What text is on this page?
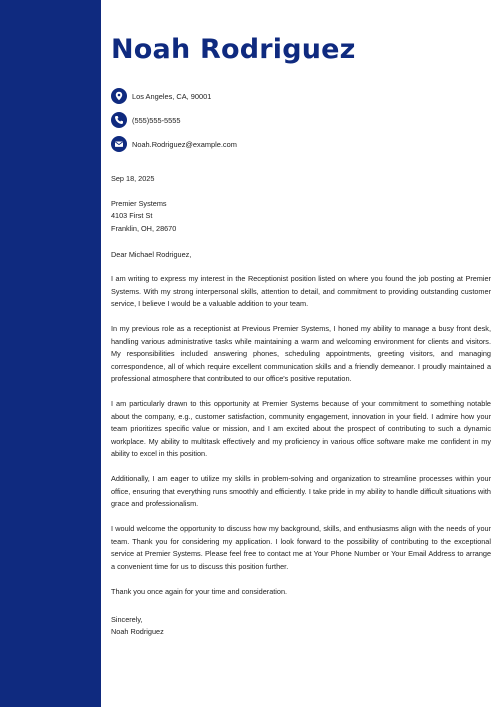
Noah Rodriguez
Los Angeles, CA, 90001
(555)555-5555
Noah.Rodriguez@example.com

Sep 18, 2025

Premier Systems
4103 First St
Franklin, OH, 28670

Dear Michael Rodriguez,

I am writing to express my interest in the Receptionist position listed on where you found the job posting at Premier Systems. With my strong interpersonal skills, attention to detail, and commitment to providing outstanding customer service, I believe I would be a valuable addition to your team.

In my previous role as a receptionist at Previous Premier Systems, I honed my ability to manage a busy front desk, handling various administrative tasks while maintaining a warm and welcoming environment for clients and visitors. My responsibilities included answering phones, scheduling appointments, greeting visitors, and managing correspondence, all of which require excellent communication skills and a friendly demeanor. I proudly maintained a professional atmosphere that contributed to our office's positive reputation.

I am particularly drawn to this opportunity at Premier Systems because of your commitment to something notable about the company, e.g., customer satisfaction, community engagement, innovation in your field. I admire how your team prioritizes specific value or mission, and I am excited about the prospect of contributing to such a dynamic workplace. My ability to multitask effectively and my proficiency in various office software make me confident in my ability to excel in this position.

Additionally, I am eager to utilize my skills in problem-solving and organization to streamline processes within your office, ensuring that everything runs smoothly and efficiently. I take pride in my ability to handle difficult situations with grace and professionalism.

I would welcome the opportunity to discuss how my background, skills, and enthusiasms align with the needs of your team. Thank you for considering my application. I look forward to the possibility of contributing to the exceptional service at Premier Systems. Please feel free to contact me at Your Phone Number or Your Email Address to arrange a convenient time for us to discuss this position further.

Thank you once again for your time and consideration.

Sincerely,
Noah Rodriguez
